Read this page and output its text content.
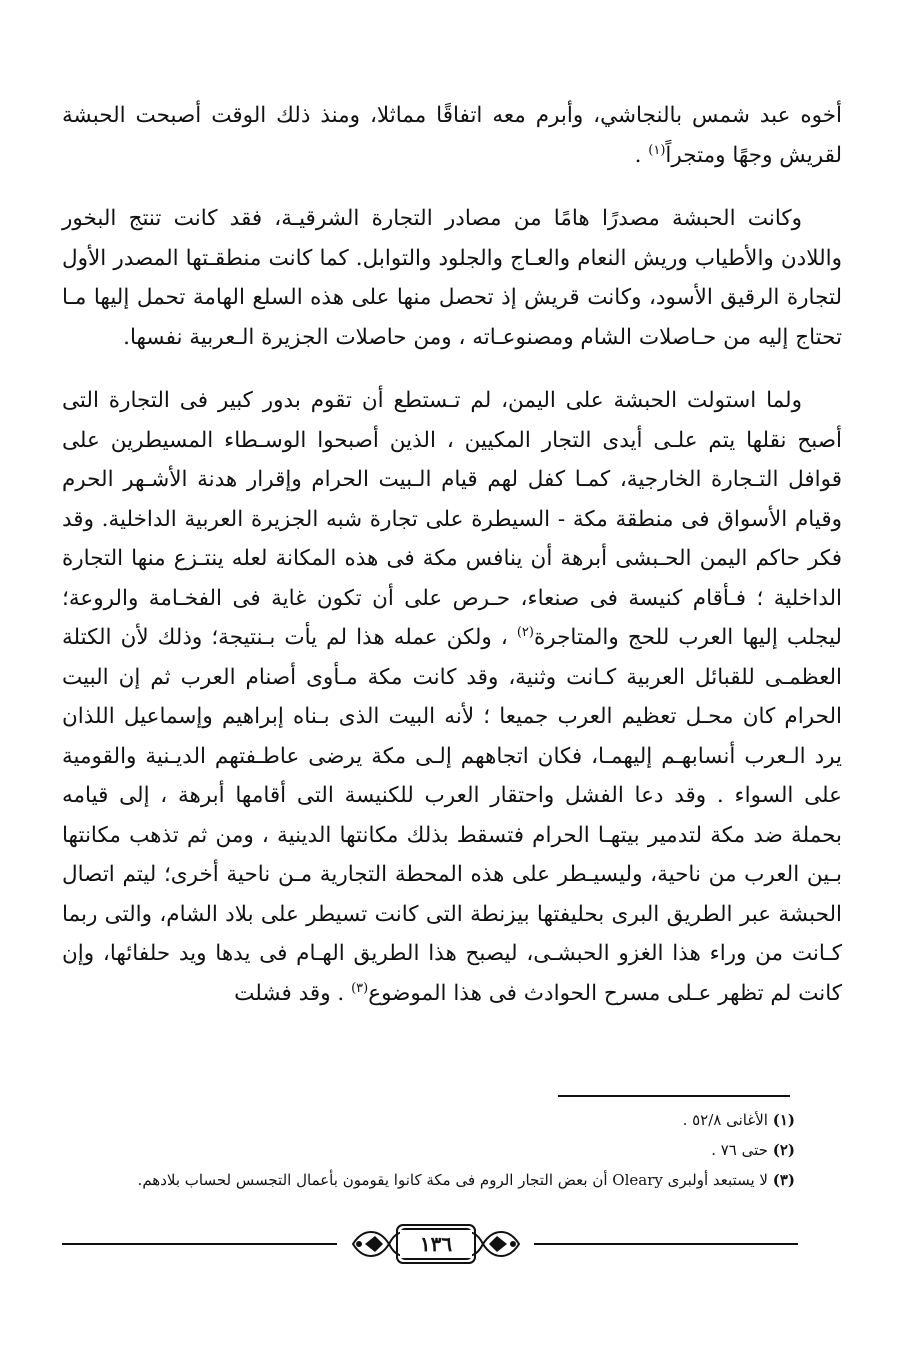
أخوه عبد شمس بالنجاشي، وأبرم معه اتفاقًا مماثلا، ومنذ ذلك الوقت أصبحت الحبشة لقريش وجهًا ومتجراً$^{(١)}$ .

وكانت الحبشة مصدرًا هامًا من مصادر التجارة الشرقيـة، فقد كانت تنتج البخور واللادن والأطياب وريش النعام والعـاج والجلود والتوابل. كما كانت منطقـتها المصدر الأول لتجارة الرقيق الأسود، وكانت قريش إذ تحصل منها على هذه السلع الهامة تحمل إليها مـا تحتاج إليه من حـاصلات الشام ومصنوعـاته ، ومن حاصلات الجزيرة الـعربية نفسها.

ولما استولت الحبشة على اليمن، لم تـستطع أن تقوم بدور كبير فى التجارة التى أصبح نقلها يتم علـى أيدى التجار المكيين ، الذين أصبحوا الوسـطاء المسيطرين على قوافل التـجارة الخارجية، كمـا كفل لهم قيام الـبيت الحرام وإقرار هدنة الأشـهر الحرم وقيام الأسواق فى منطقة مكة - السيطرة على تجارة شبه الجزيرة العربية الداخلية. وقد فكر حاكم اليمن الحـبشى أبرهة أن ينافس مكة فى هذه المكانة لعله ينتـزع منها التجارة الداخلية ؛ فـأقام كنيسة فى صنعاء، حـرص على أن تكون غاية فى الفخـامة والروعة؛ ليجلب إليها العرب للحج والمتاجرة$^{(٢)}$ ، ولكن عمله هذا لم يأت بـنتيجة؛ وذلك لأن الكتلة العظمـى للقبائل العربية كـانت وثنية، وقد كانت مكة مـأوى أصنام العرب ثم إن البيت الحرام كان محـل تعظيم العرب جميعا ؛ لأنه البيت الذى بـناه إبراهيم وإسماعيل اللذان يرد الـعرب أنسابهـم إليهمـا، فكان اتجاههم إلـى مكة يرضى عاطـفتهم الديـنية والقومية على السواء . وقد دعا الفشل واحتقار العرب للكنيسة التى أقامها أبرهة ، إلى قيامه بحملة ضد مكة لتدمير بيتهـا الحرام فتسقط بذلك مكانتها الدينية ، ومن ثم تذهب مكانتها بـين العرب من ناحية، وليسيـطر على هذه المحطة التجارية مـن ناحية أخرى؛ ليتم اتصال الحبشة عبر الطريق البرى بحليفتها بيزنطة التى كانت تسيطر على بلاد الشام، والتى ربما كـانت من وراء هذا الغزو الحبشـى، ليصبح هذا الطريق الهـام فى يدها ويد حلفائها، وإن كانت لم تظهر عـلى مسرح الحوادث فى هذا الموضوع$^{(٣)}$ . وقد فشلت

(١) الأغانى ٥٢/٨ .
(٢) حتى ٧٦ .
(٣) لا يستبعد أولبرى Oleary أن بعض التجار الروم فى مكة كانوا يقومون بأعمال التجسس لحساب بلادهم.
١٣٦
